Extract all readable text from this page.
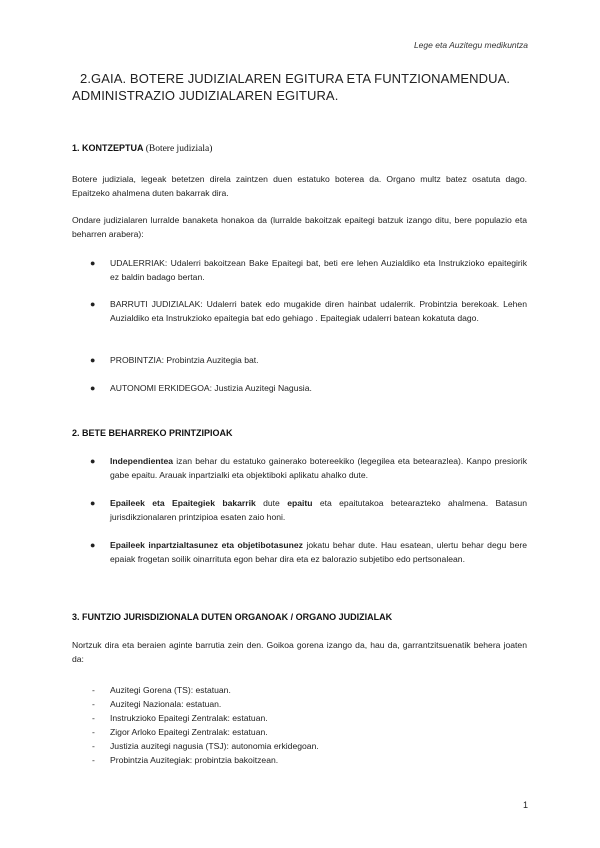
Lege eta Auzitegu medikuntza
2.GAIA. BOTERE JUDIZIALAREN EGITURA ETA FUNTZIONAMENDUA.
ADMINISTRAZIO JUDIZIALAREN EGITURA.
1. KONTZEPTUA (Botere judiziala)
Botere judiziala, legeak betetzen direla zaintzen duen estatuko boterea da. Organo multz batez osatuta dago. Epaitzeko ahalmena duten bakarrak dira.
Ondare judizialaren lurralde banaketa honakoa da (lurralde bakoitzak epaitegi batzuk izango ditu, bere populazio eta beharren arabera):
● UDALERRIAK: Udalerri bakoitzean Bake Epaitegi bat, beti ere lehen Auzialdiko eta Instrukzioko epaitegirik ez baldin badago bertan.
● BARRUTI JUDIZIALAK: Udalerri batek edo mugakide diren hainbat udalerrik. Probintzia berekoak. Lehen Auzialdiko eta Instrukzioko epaitegia bat edo gehiago . Epaitegiak udalerri batean kokatuta dago.
● PROBINTZIA: Probintzia Auzitegia bat.
● AUTONOMI ERKIDEGOA: Justizia Auzitegi Nagusia.
2. BETE BEHARREKO PRINTZIPIOAK
● Independientea izan behar du estatuko gainerako botereekiko (legegilea eta betearazlea). Kanpo presiorik gabe epaitu. Arauak inpartzialki eta objektiboki aplikatu ahalko dute.
● Epaileek eta Epaitegiek bakarrik dute epaitu eta epaitutakoa betearazteko ahalmena. Batasun jurisdikzionalaren printzipioa esaten zaio honi.
● Epaileek inpartzialtasunez eta objetibotasunez jokatu behar dute. Hau esatean, ulertu behar degu bere epaiak frogetan soilik oinarrituta egon behar dira eta ez balorazio subjetibo edo pertsonalean.
3. FUNTZIO JURISDIZIONALA DUTEN ORGANOAK / ORGANO JUDIZIALAK
Nortzuk dira eta beraien aginte barrutia zein den. Goikoa gorena izango da, hau da, garrantzitsuenatik behera joaten da:
- Auzitegi Gorena (TS): estatuan.
- Auzitegi Nazionala: estatuan.
- Instrukzioko Epaitegi Zentralak: estatuan.
- Zigor Arloko Epaitegi Zentralak: estatuan.
- Justizia auzitegi nagusia (TSJ): autonomia erkidegoan.
- Probintzia Auzitegiak: probintzia bakoitzean.
1
